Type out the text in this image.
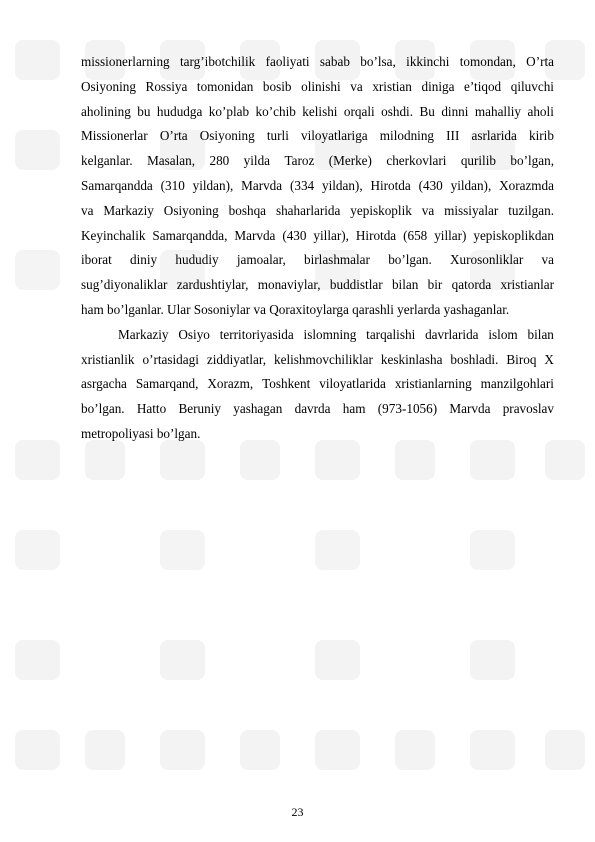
missionerlarning targ’ibotchilik faoliyati sabab bo’lsa, ikkinchi tomondan, O’rta
Osiyoning Rossiya tomonidan bosib olinishi va xristian diniga e’tiqod qiluvchi
aholining bu hududga ko’plab ko’chib kelishi orqali oshdi. Bu dinni mahalliy aholi
Missionerlar O’rta Osiyoning turli viloyatlariga milodning III asrlarida kirib
kelganlar. Masalan, 280 yilda Taroz (Merke) cherkovlari qurilib bo’lgan,
Samarqandda (310 yildan), Marvda (334 yildan), Hirotda (430 yildan), Xorazmda
va Markaziy Osiyoning boshqa shaharlarida yepiskoplik va missiyalar tuzilgan.
Keyinchalik Samarqandda, Marvda (430 yillar), Hirotda (658 yillar) yepiskoplikdan
iborat diniy hududiy jamoalar, birlashmalar bo’lgan. Xurosonliklar va
sug’diyonaliklar zardushtiylar, monaviylar, buddistlar bilan bir qatorda xristianlar
ham bo’lganlar. Ular Sosoniylar va Qoraxitoylarga qarashli yerlarda yashaganlar.
Markaziy Osiyo territoriyasida islomning tarqalishi davrlarida islom bilan
xristianlik o’rtasidagi ziddiyatlar, kelishmovchiliklar keskinlasha boshladi. Biroq X
asrgacha Samarqand, Xorazm, Toshkent viloyatlarida xristianlarning manzilgohlari
bo’lgan. Hatto Beruniy yashagan davrda ham (973-1056) Marvda pravoslav
metropoliyasi bo’lgan.
23
